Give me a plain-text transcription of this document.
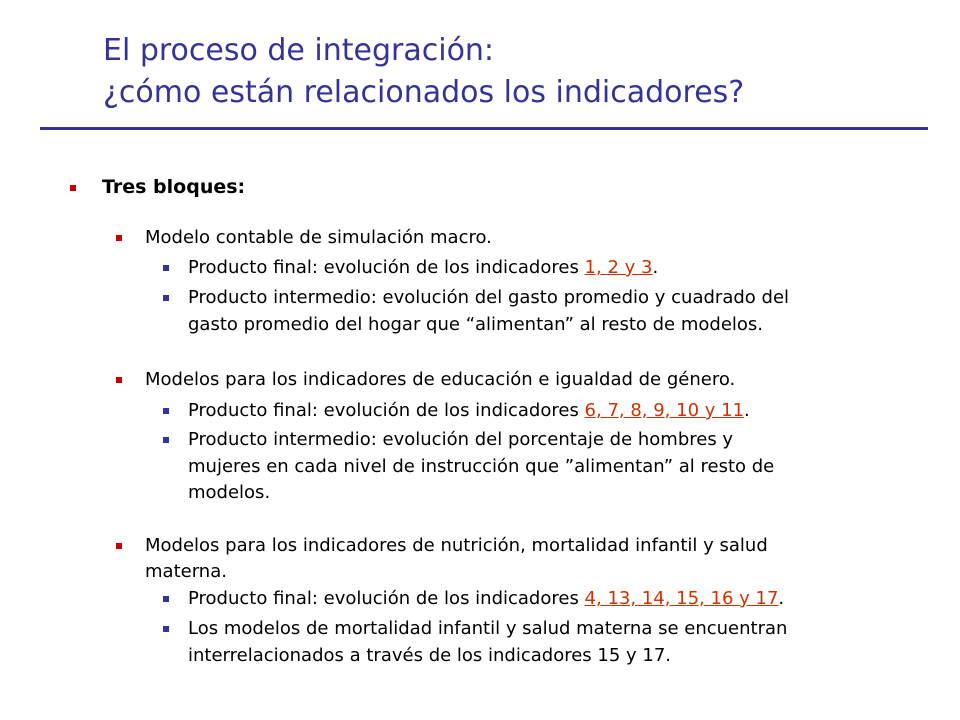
El proceso de integración:
¿cómo están relacionados los indicadores?
Tres bloques:
Modelo contable de simulación macro.
Producto final: evolución de los indicadores 1, 2 y 3.
Producto intermedio: evolución del gasto promedio y cuadrado del
gasto promedio del hogar que “alimentan” al resto de modelos.
Modelos para los indicadores de educación e igualdad de género.
Producto final: evolución de los indicadores 6, 7, 8, 9, 10 y 11.
Producto intermedio: evolución del porcentaje de hombres y
mujeres en cada nivel de instrucción que ”alimentan” al resto de
modelos.
Modelos para los indicadores de nutrición, mortalidad infantil y salud
materna.
Producto final: evolución de los indicadores 4, 13, 14, 15, 16 y 17.
Los modelos de mortalidad infantil y salud materna se encuentran
interrelacionados a través de los indicadores 15 y 17.
